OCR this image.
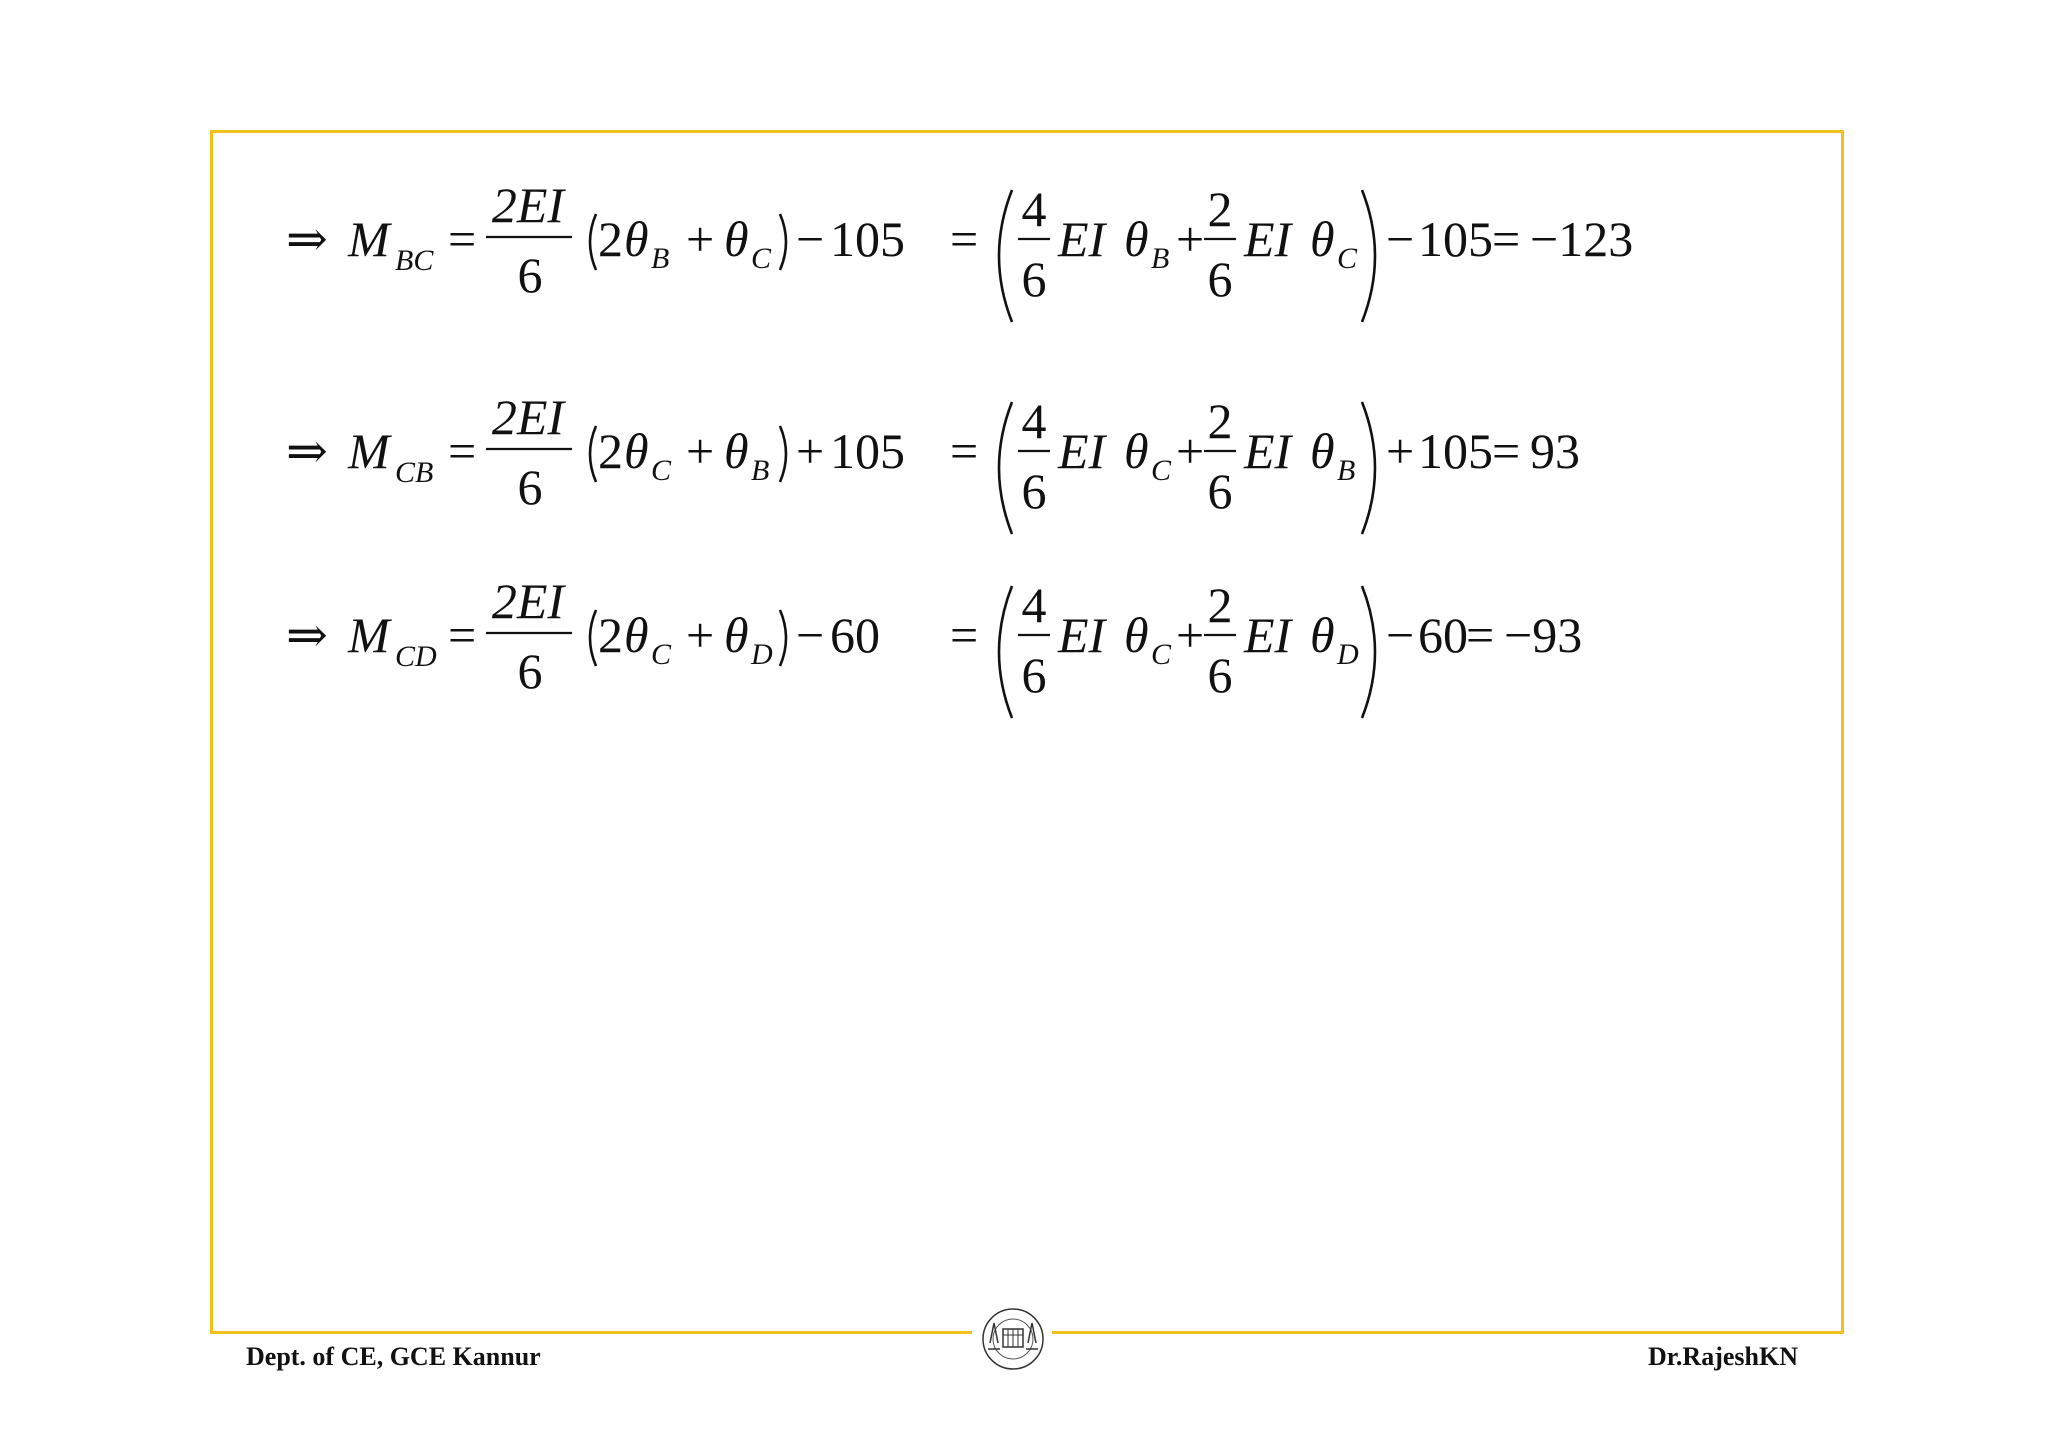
⇒ M BC =
2EI
6
2 θ B + θ C − 105 =
4
6
EI θ B +
2
6
EI θ C − 105 = −123
⇒ M CB =
2EI
6
2 θ C + θ B + 105 =
4
6
EI θ C +
2
6
EI θ B + 105 = 93
⇒ M CD =
2EI
6
2 θ C + θ D − 60 =
4
6
EI θ C +
2
6
EI θ D − 60
= −93
Dept. of CE, GCE Kannur	Dr.RajeshKN
